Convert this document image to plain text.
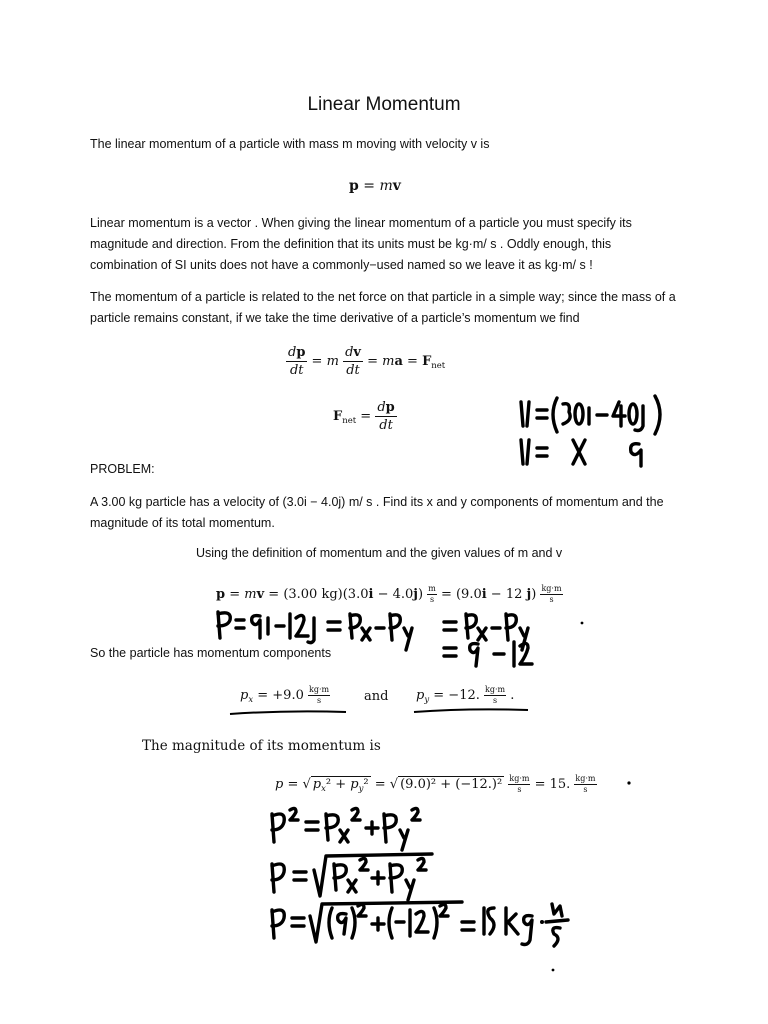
Linear Momentum
The linear momentum of a particle with mass m moving with velocity v is
p = mv
Linear momentum is a vector . When giving the linear momentum of a particle you must specify its magnitude and direction. From the definition that its units must be kg·m/ s . Oddly enough, this combination of SI units does not have a commonly−used named so we leave it as kg·m/ s !
The momentum of a particle is related to the net force on that particle in a simple way; since the mass of a particle remains constant, if we take the time derivative of a particle’s momentum we find
$\frac{dp}{dt} = m \frac{dv}{dt}$ = ma = $F_{net}$
$F_{net} = \frac{dp}{dt}$
PROBLEM:
A 3.00 kg particle has a velocity of (3.0i − 4.0j) m/ s . Find its x and y components of momentum and the magnitude of its total momentum.
Using the definition of momentum and the given values of m and v
p = mv = (3.00 $kg)(3.0i - 4.0j) \frac{m}{s} = (9.0i - 12$ $j) \frac{kg\cdot m}{s}$
So the particle has momentum components
$p_x = +9.0 \frac{kg\cdot m}{s}$	and $p_y = -12$. $\frac{kg\cdot m}{s}$ .
The magnitude of its momentum is
p = √ $p_x^2 + p_y^2$ = √ $(9.0)^2 + (-12.)^2 \frac{kg\cdot m}{s} = 15$. $\frac{kg\cdot m}{s}$
